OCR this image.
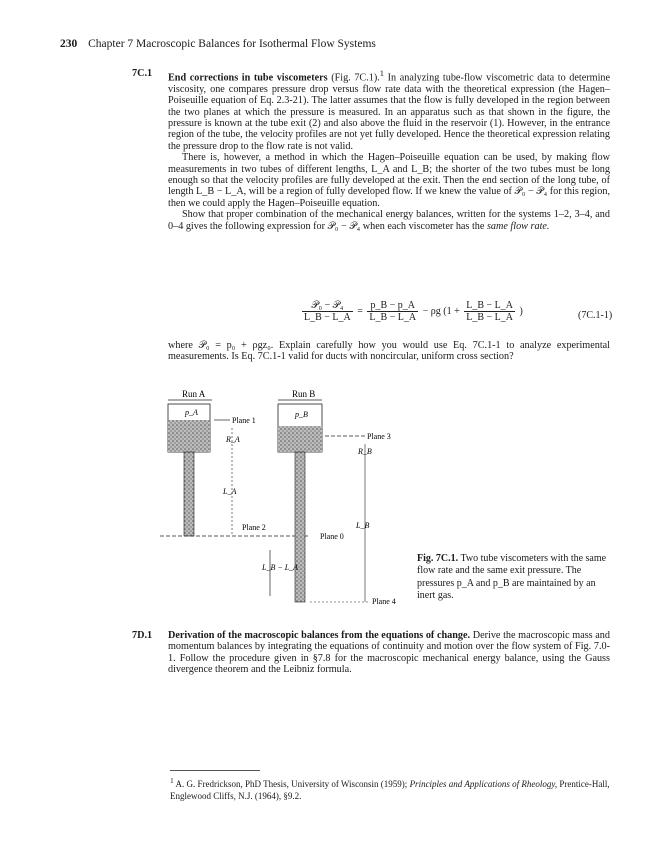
230 Chapter 7 Macroscopic Balances for Isothermal Flow Systems
7C.1	End corrections in tube viscometers (Fig. 7C.1).$^1$ In analyzing tube-flow viscometric data to determine viscosity, one compares pressure drop versus flow rate data with the theoretical expression (the Hagen–Poiseuille equation of Eq. 2.3-21). The latter assumes that the flow is fully developed in the region between the two planes at which the pressure is measured. In an apparatus such as that shown in the figure, the pressure is known at the tube exit (2) and also above the fluid in the reservoir (1). However, in the entrance region of the tube, the velocity profiles are not yet fully developed. Hence the theoretical expression relating the pressure drop to the flow rate is not valid.

There is, however, a method in which the Hagen–Poiseuille equation can be used, by making flow measurements in two tubes of different lengths, L_A and L_B; the shorter of the two tubes must be long enough so that the velocity profiles are fully developed at the exit. Then the end section of the long tube, of length L_B − L_A, will be a region of fully developed flow. If we knew the value of 𝒫₀ − 𝒫₄ for this region, then we could apply the Hagen–Poiseuille equation.

Show that proper combination of the mechanical energy balances, written for the systems 1–2, 3–4, and 0–4 gives the following expression for 𝒫₀ − 𝒫₄ when each viscometer has the same flow rate.

$\frac{\text{𝒫₀ − 𝒫₄}}{L\_B - L\_A} = \frac{p\_B - p\_A}{L\_B - L\_A} - \rho g$ ($1 + \frac{L\_B - L\_A}{L\_B - L\_A}$ )	(7C.1-1)

where 𝒫₀ = p₀ + ρgz₀. Explain carefully how you would use Eq. 7C.1-1 to analyze experimental measurements. Is Eq. 7C.1-1 valid for ducts with noncircular, uniform cross section?

Run A
p_A
Plane 1
L_A
R_A
Plane 2
Run B
p_B
Plane 3
R_B
L_B
Plane 0
Plane 4
L_B − L_A
Fig. 7C.1. Two tube viscometers with the same flow rate and the same exit pressure. The pressures p_A and p_B are maintained by an inert gas.
7D.1	Derivation of the macroscopic balances from the equations of change. Derive the macroscopic mass and momentum balances by integrating the equations of continuity and motion over the flow system of Fig. 7.0-1. Follow the procedure given in §7.8 for the macroscopic mechanical energy balance, using the Gauss divergence theorem and the Leibniz formula.

$^1$ A. G. Fredrickson, PhD Thesis, University of Wisconsin (1959); Principles and Applications of Rheology, Prentice-Hall, Englewood Cliffs, N.J. (1964), §9.2.
